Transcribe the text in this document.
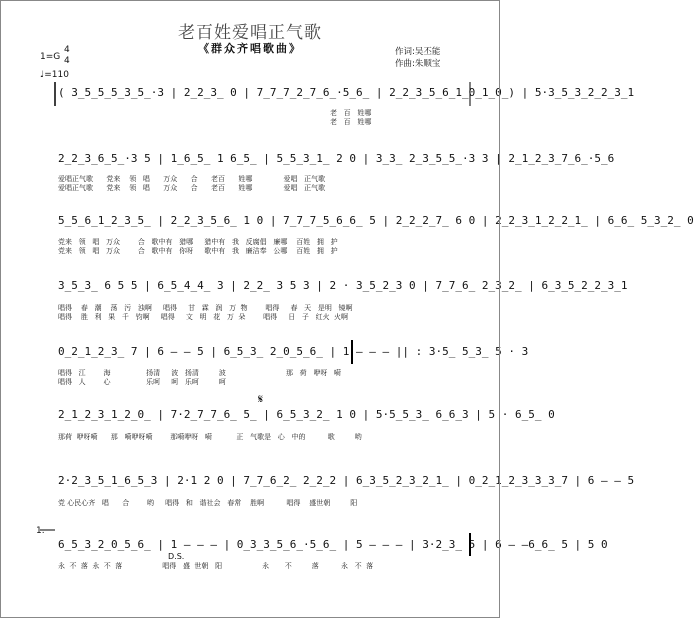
老百姓爱唱正气歌
《群众齐唱歌曲》
1=G
4
4
♩=110
作词:吴丕能
作曲:朱顺宝
( 3̲5̲5̲5̲3̲5̲·3 | 2̲2̲3̲ 0 | 7̲7̲7̲2̲7̲6̲·5̲6̲ | 2̲2̲3̲5̲6̲1̲0̲1̲0̲) | 5·3̲5̲3̲2̲2̲3̲1
老   百   姓哪
老   百   姓哪
2̲2̲3̲6̲5̲·3 5 | 1̲6̲5̲ 1 6̲5̲ | 5̲5̲3̲1̲ 2 0 | 3̲3̲ 2̲3̲5̲5̲·3 3 | 2̲1̲2̲3̲7̲6̲·5̲6
爱唱正气歌      党来    领   唱      万众      合      老百      姓哪              爱唱   正气歌
爱唱正气歌      党来    领   唱      万众      合      老百      姓哪              爱唱   正气歌
5̲5̲6̲1̲2̲3̲5̲ | 2̲2̲3̲5̲6̲ 1 0 | 7̲7̲7̲5̲6̲6̲ 5 | 2̲2̲2̲7̲ 6 0 | 2̲2̲3̲1̲2̲2̲1̲ | 6̲6̲ 5̲3̲2̲ 0
党来   领   唱   万众        合   歌中有   猎哪     猎中有   我   反腐倡   廉哪    百姓   拥   护
党来   领   唱   万众        合   歌中有   你呀     歌中有   我   廉洁奉   公哪    百姓   拥   护
3̲5̲3̲ 6 5 5 | 6̲5̲4̲4̲ 3 | 2̲2̲ 3 5 3 | 2 · 3̲5̲2̲3 0 | 7̲7̲6̲ 2̲3̲2̲ | 6̲3̲5̲2̲2̲3̲1
唱得    春   潮    荡   污   浊啊     唱得     甘   霖   润   万  物        唱得     春   天   是明   镜啊
唱得    胜   利   果   千   钧啊     唱得     文   明   花   万  朵        唱得     日   子   红火  火啊
0̲2̲1̲2̲3̲ 7 | 6 – – 5 | 6̲5̲3̲ 2̲0̲5̲6̲ | 1 – – – || : 3·5̲ 5̲3̲ 5 · 3
唱得   江        海                扬清     波   扬清         波                           那   荷   咿呀   嗬
唱得   人        心                乐呵     呵   乐呵         呵
2̲1̲2̲3̲1̲2̲0̲ | 7·2̲7̲7̲6̲ 5̲ | 6̲5̲3̲2̲ 1 0 | 5·5̲5̲3̲ 6̲6̲3 | 5 · 6̲5̲ 0
那荷  咿呀嗬      那   嗬咿呀嗬        那嗬咿呀   嗬           正   气歌是   心   中的          歌         哟
2·2̲3̲5̲1̲6̲5̲3 | 2·1 2 0 | 7̲7̲6̲2̲ 2̲2̲2 | 6̲3̲5̲2̲3̲2̲1̲ | 0̲2̲1̲2̲3̲3̲3̲7 | 6 – – 5
党 心民心齐   唱      合        哟     唱得   和   谐社会   春常    胜啊          唱得    盛世朝         阳
1.
6̲5̲3̲2̲0̲5̲6̲ | 1 – – – | 0̲3̲3̲5̲6̲·5̲6̲ | 5 – – – | 3·2̲3̲ 5 | 6 – –6̲6̲ 5 | 5 0
永  不  落  永  不  落                  唱得   盛  世朝   阳                  永       不         落          永   不  落
D.S.
𝄋
